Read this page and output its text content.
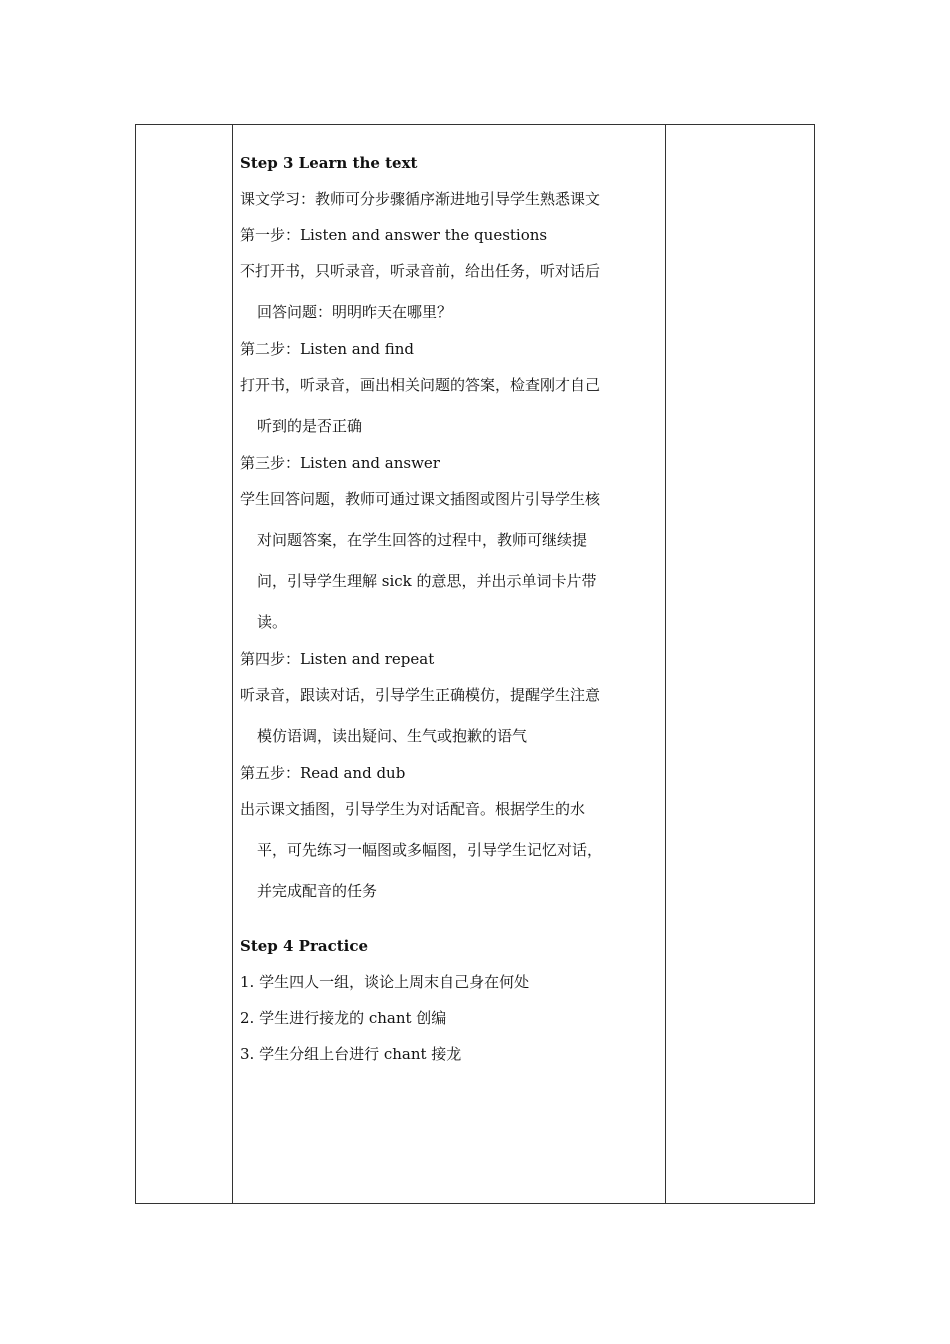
Step 3 Learn the text
课文学习：教师可分步骤循序渐进地引导学生熟悉课文
第一步：Listen and answer the questions
不打开书，只听录音，听录音前，给出任务，听对话后
回答问题：明明昨天在哪里？
第二步：Listen and find
打开书，听录音，画出相关问题的答案，检查刚才自己
听到的是否正确
第三步：Listen and answer
学生回答问题，教师可通过课文插图或图片引导学生核
对问题答案，在学生回答的过程中，教师可继续提
问，引导学生理解 sick 的意思，并出示单词卡片带
读。
第四步：Listen and repeat
听录音，跟读对话，引导学生正确模仿，提醒学生注意
模仿语调，读出疑问、生气或抱歉的语气
第五步：Read and dub
出示课文插图，引导学生为对话配音。根据学生的水
平，可先练习一幅图或多幅图，引导学生记忆对话，
并完成配音的任务
Step 4 Practice
1. 学生四人一组，谈论上周末自己身在何处
2. 学生进行接龙的 chant 创编
3. 学生分组上台进行 chant 接龙
